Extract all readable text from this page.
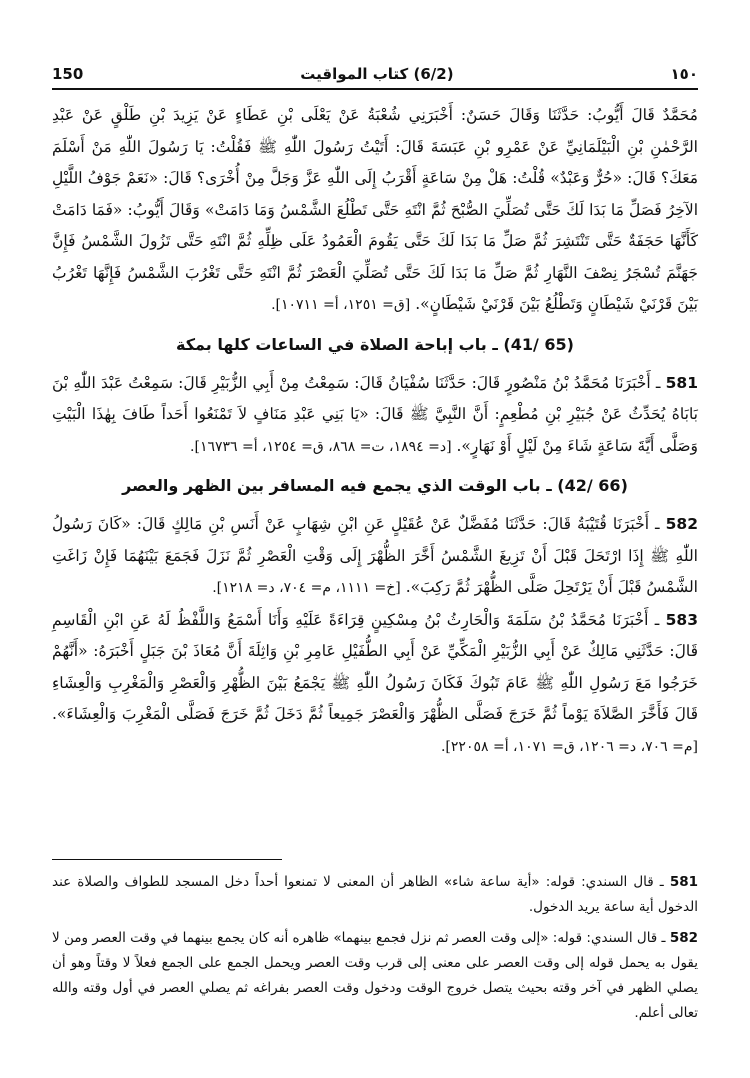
150	(6/2) كتاب المواقيت	١٥٠

مُحَمَّدٌ قَالَ أَيُّوبُ: حَدَّثَنَا وَقَالَ حَسَنٌ: أَخْبَرَنِي شُعْبَةُ عَنْ يَعْلَى بْنِ عَطَاءٍ عَنْ يَزِيدَ بْنِ طَلْقٍ عَنْ عَبْدِ الرَّحْمٰنِ بْنِ الْبَيْلَمَانِيِّ عَنْ عَمْرِو بْنِ عَبَسَةَ قَالَ: أَتَيْتُ رَسُولَ اللّٰهِ ﷺ فَقُلْتُ: يَا رَسُولَ اللّٰهِ مَنْ أَسْلَمَ مَعَكَ؟ قَالَ: «حُرٌّ وَعَبْدٌ» قُلْتُ: هَلْ مِنْ سَاعَةٍ أَقْرَبُ إِلَى اللّٰهِ عَزَّ وَجَلَّ مِنْ أُخْرَى؟ قَالَ: «نَعَمْ جَوْفُ اللَّيْلِ الآخِرُ فَصَلِّ مَا بَدَا لَكَ حَتَّى تُصَلِّيَ الصُّبْحَ ثُمَّ انْتَهِ حَتَّى تَطْلُعَ الشَّمْسُ وَمَا دَامَتْ» وَقَالَ أَيُّوبُ: «فَمَا دَامَتْ كَأَنَّهَا حَجَفَةٌ حَتَّى تَنْتَشِرَ ثُمَّ صَلِّ مَا بَدَا لَكَ حَتَّى يَقُومَ الْعَمُودُ عَلَى ظِلِّهِ ثُمَّ انْتَهِ حَتَّى تَزُولَ الشَّمْسُ فَإِنَّ جَهَنَّمَ تُسْجَرُ نِصْفَ النَّهَارِ ثُمَّ صَلِّ مَا بَدَا لَكَ حَتَّى تُصَلِّيَ الْعَصْرَ ثُمَّ انْتَهِ حَتَّى تَغْرُبَ الشَّمْسُ فَإِنَّهَا تَغْرُبُ بَيْنَ قَرْنَيْ شَيْطَانٍ وَتَطْلُعُ بَيْنَ قَرْنَيْ شَيْطَانٍ». [ق= ١٢٥١، أ= ١٠٧١١].

(65 /41) ـ باب إباحة الصلاة في الساعات كلها بمكة

581 ـ أَخْبَرَنَا مُحَمَّدُ بْنُ مَنْصُورٍ قَالَ: حَدَّثَنَا سُفْيَانُ قَالَ: سَمِعْتُ مِنْ أَبِي الزُّبَيْرِ قَالَ: سَمِعْتُ عَبْدَ اللّٰهِ بْنَ بَابَاهُ يُحَدِّثُ عَنْ جُبَيْرِ بْنِ مُطْعِمٍ: أَنَّ النَّبِيَّ ﷺ قَالَ: «يَا بَنِي عَبْدِ مَنَافٍ لاَ تَمْنَعُوا أَحَداً طَافَ بِهٰذَا الْبَيْتِ وَصَلَّى أَيَّةَ سَاعَةٍ شَاءَ مِنْ لَيْلٍ أَوْ نَهَارٍ». [د= ١٨٩٤، ت= ٨٦٨، ق= ١٢٥٤، أ= ١٦٧٣٦].

(66 /42) ـ باب الوقت الذي يجمع فيه المسافر بين الظهر والعصر

582 ـ أَخْبَرَنَا قُتَيْبَةُ قَالَ: حَدَّثَنَا مُفَضَّلٌ عَنْ عُقَيْلٍ عَنِ ابْنِ شِهَابٍ عَنْ أَنَسِ بْنِ مَالِكٍ قَالَ: «كَانَ رَسُولُ اللّٰهِ ﷺ إِذَا ارْتَحَلَ قَبْلَ أَنْ تَزِيغَ الشَّمْسُ أَخَّرَ الظُّهْرَ إِلَى وَقْتِ الْعَصْرِ ثُمَّ نَزَلَ فَجَمَعَ بَيْنَهُمَا فَإِنْ زَاغَتِ الشَّمْسُ قَبْلَ أَنْ يَرْتَحِلَ صَلَّى الظُّهْرَ ثُمَّ رَكِبَ». [خ= ١١١١، م= ٧٠٤، د= ١٢١٨].

583 ـ أَخْبَرَنَا مُحَمَّدُ بْنُ سَلَمَةَ وَالْحَارِثُ بْنُ مِسْكِينٍ قِرَاءَةً عَلَيْهِ وَأَنَا أَسْمَعُ وَاللَّفْظُ لَهُ عَنِ ابْنِ الْقَاسِمِ قَالَ: حَدَّثَنِي مَالِكٌ عَنْ أَبِي الزُّبَيْرِ الْمَكِّيِّ عَنْ أَبِي الطُّفَيْلِ عَامِرِ بْنِ وَاثِلَةَ أَنَّ مُعَاذَ بْنَ جَبَلٍ أَخْبَرَهُ: «أَنَّهُمْ خَرَجُوا مَعَ رَسُولِ اللّٰهِ ﷺ عَامَ تَبُوكَ فَكَانَ رَسُولُ اللّٰهِ ﷺ يَجْمَعُ بَيْنَ الظُّهْرِ وَالْعَصْرِ وَالْمَغْرِبِ وَالْعِشَاءِ قَالَ فَأَخَّرَ الصَّلاَةَ يَوْماً ثُمَّ خَرَجَ فَصَلَّى الظُّهْرَ وَالْعَصْرَ جَمِيعاً ثُمَّ دَخَلَ ثُمَّ خَرَجَ فَصَلَّى الْمَغْرِبَ وَالْعِشَاءَ». [م= ٧٠٦، د= ١٢٠٦، ق= ١٠٧١، أ= ٢٢٠٥٨].

581 ـ قال السندي: قوله: «أية ساعة شاء» الظاهر أن المعنى لا تمنعوا أحداً دخل المسجد للطواف والصلاة عند الدخول أية ساعة يريد الدخول.

582 ـ قال السندي: قوله: «إلى وقت العصر ثم نزل فجمع بينهما» ظاهره أنه كان يجمع بينهما في وقت العصر ومن لا يقول به يحمل قوله إلى وقت العصر على معنى إلى قرب وقت العصر ويحمل الجمع على الجمع فعلاً لا وقتاً وهو أن يصلي الظهر في آخر وقته بحيث يتصل خروج الوقت ودخول وقت العصر بفراغه ثم يصلي العصر في أول وقته والله تعالى أعلم.
